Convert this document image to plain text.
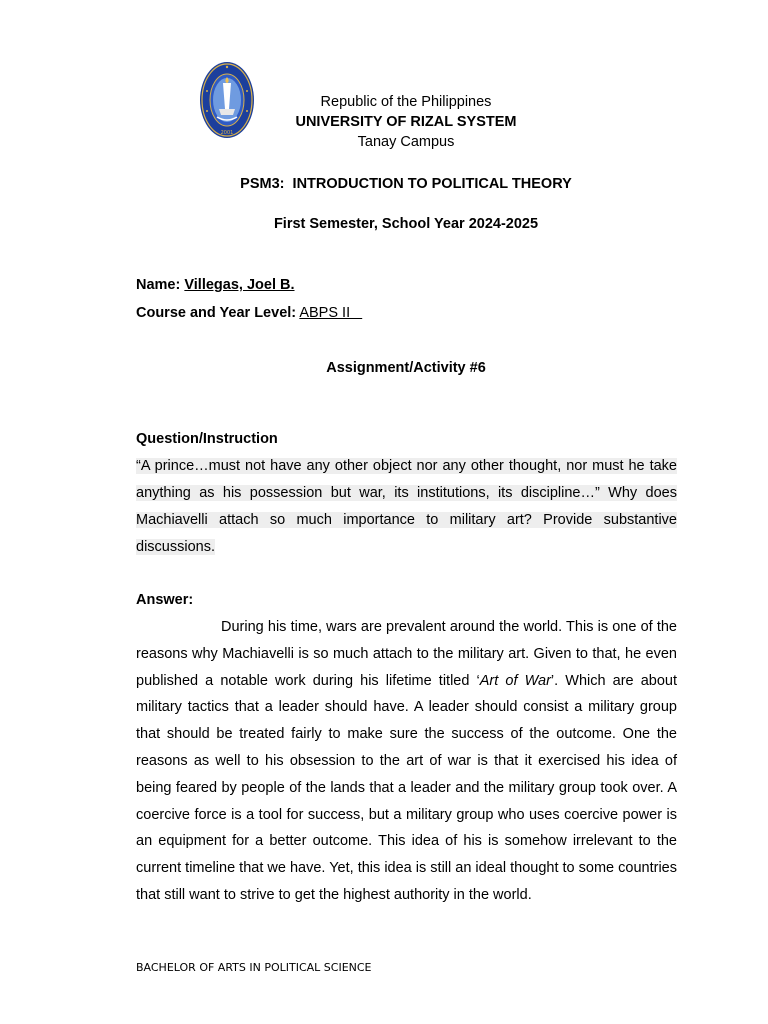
2001
Republic of the Philippines
UNIVERSITY OF RIZAL SYSTEM
Tanay Campus
PSM3:  INTRODUCTION TO POLITICAL THEORY
First Semester, School Year 2024-2025
Name: Villegas, Joel B.
Course and Year Level: ABPS II
Assignment/Activity #6
Question/Instruction
“A prince…must not have any other object nor any other thought, nor must he take anything as his possession but war, its institutions, its discipline…” Why does Machiavelli attach so much importance to military art? Provide substantive discussions.
Answer:
During his time, wars are prevalent around the world. This is one of the reasons why Machiavelli is so much attach to the military art. Given to that, he even published a notable work during his lifetime titled ‘Art of War’. Which are about military tactics that a leader should have. A leader should consist a military group that should be treated fairly to make sure the success of the outcome. One the reasons as well to his obsession to the art of war is that it exercised his idea of being feared by people of the lands that a leader and the military group took over. A coercive force is a tool for success, but a military group who uses coercive power is an equipment for a better outcome. This idea of his is somehow irrelevant to the current timeline that we have. Yet, this idea is still an ideal thought to some countries that still want to strive to get the highest authority in the world.
BACHELOR OF ARTS IN POLITICAL SCIENCE
